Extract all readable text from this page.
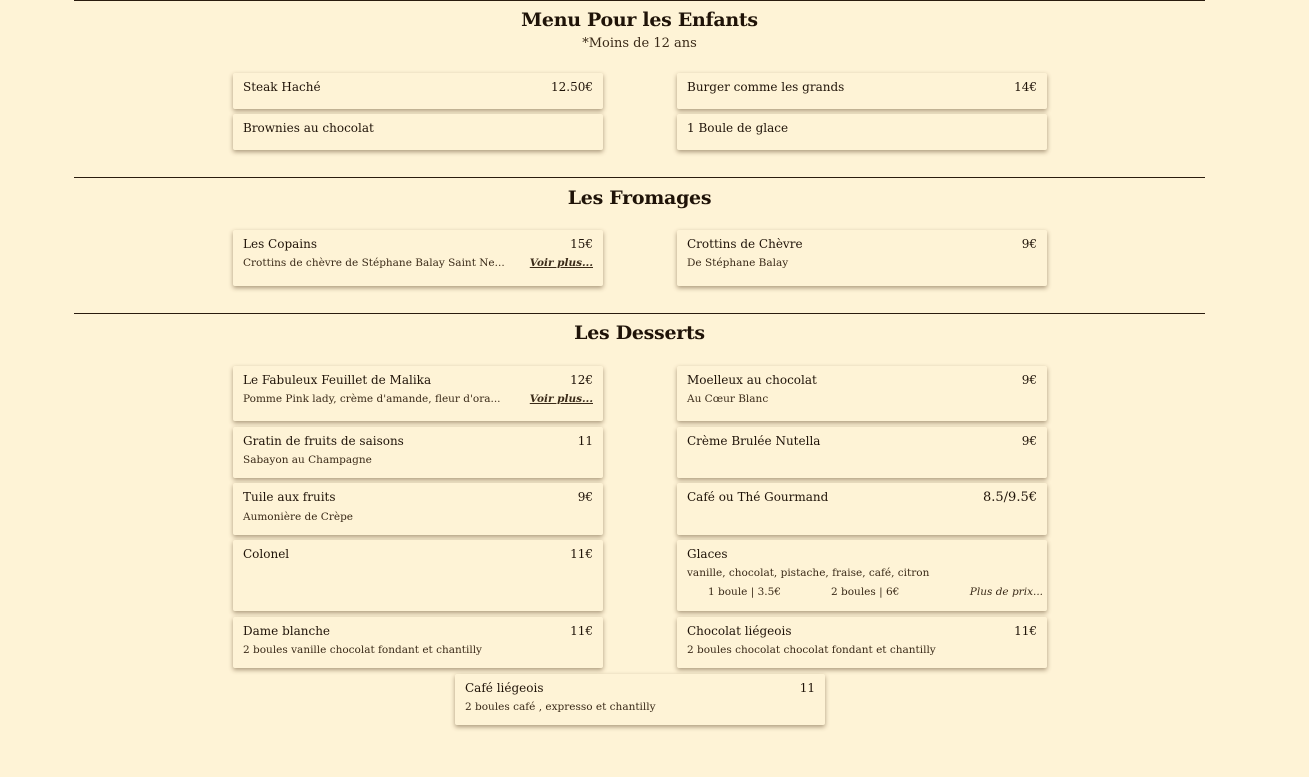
Menu Pour les Enfants
*Moins de 12 ans
Steak Haché	12.50€	Burger comme les grands	14€
Brownies au chocolat	1 Boule de glace
Les Fromages
Les Copains	15€
Crottins de chèvre de Stéphane Balay Saint Ne... Voir plus...
Crottins de Chèvre	9€
De Stéphane Balay
Les Desserts
Le Fabuleux Feuillet de Malika	12€
Pomme Pink lady, crème d'amande, fleur d'ora...	Voir plus...
Moelleux au chocolat	9€
Au Cœur Blanc
Gratin de fruits de saisons	11
Sabayon au Champagne
Crème Brulée Nutella	9€
Tuile aux fruits	9€
Aumonière de Crèpe
Café ou Thé Gourmand	8.5/9.5€
Colonel	11€	Glaces
vanille, chocolat, pistache, fraise, café, citron
1 boule | 3.5€	2 boules | 6€	Plus de prix...
Dame blanche	11€
2 boules vanille chocolat fondant et chantilly
Chocolat liégeois	11€
2 boules chocolat chocolat fondant et chantilly
Café liégeois	11
2 boules café , expresso et chantilly
